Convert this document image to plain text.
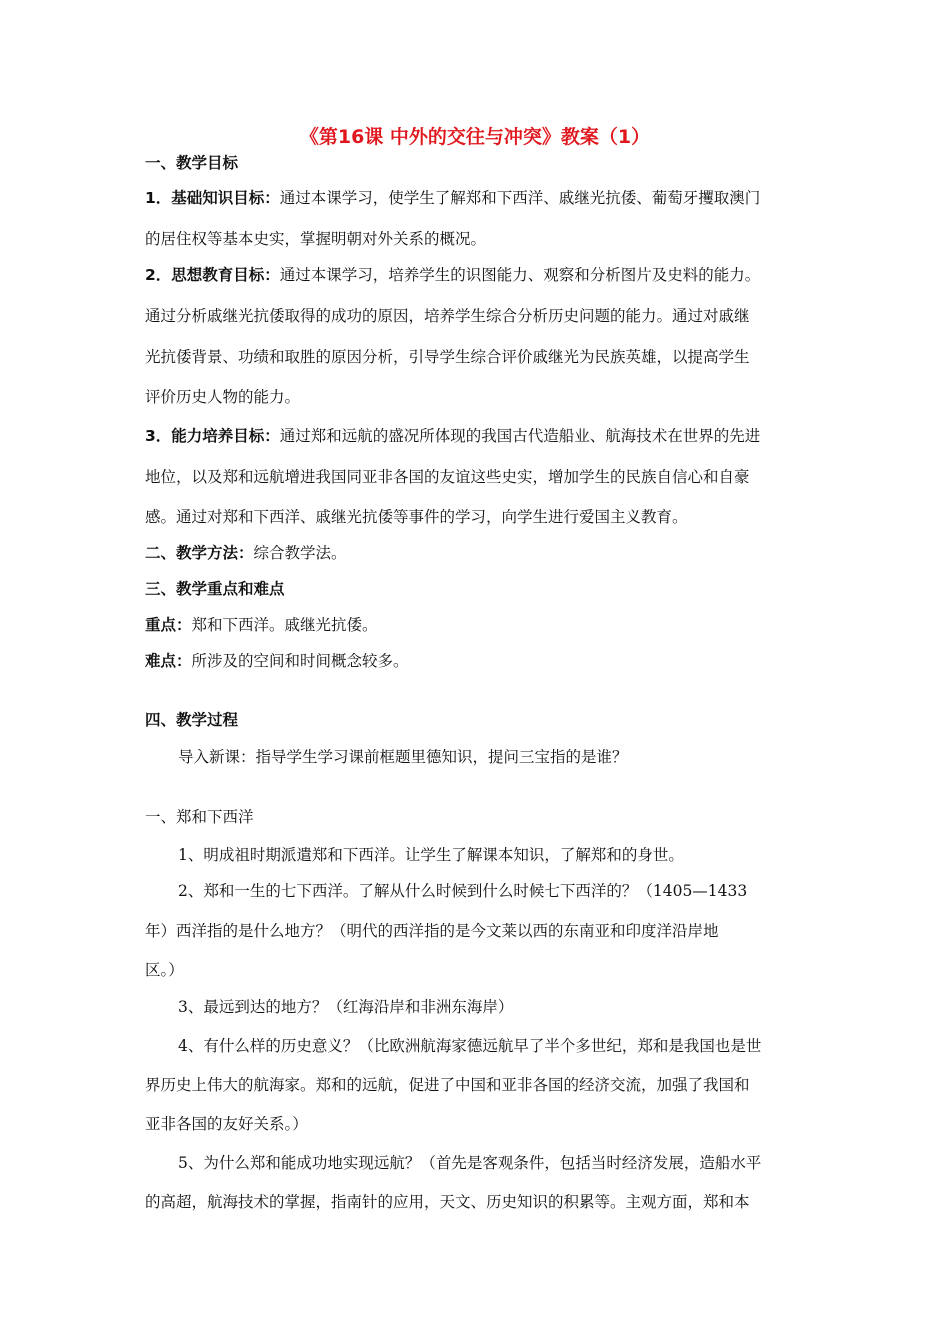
《第16课 中外的交往与冲突》教案（1）
一、教学目标
1．基础知识目标：通过本课学习，使学生了解郑和下西洋、戚继光抗倭、葡萄牙攫取澳门
的居住权等基本史实，掌握明朝对外关系的概况。
2．思想教育目标：通过本课学习，培养学生的识图能力、观察和分析图片及史料的能力。
通过分析戚继光抗倭取得的成功的原因，培养学生综合分析历史问题的能力。通过对戚继
光抗倭背景、功绩和取胜的原因分析，引导学生综合评价戚继光为民族英雄，以提高学生
评价历史人物的能力。
3．能力培养目标：通过郑和远航的盛况所体现的我国古代造船业、航海技术在世界的先进
地位，以及郑和远航增进我国同亚非各国的友谊这些史实，增加学生的民族自信心和自豪
感。通过对郑和下西洋、戚继光抗倭等事件的学习，向学生进行爱国主义教育。
二、教学方法：综合教学法。
三、教学重点和难点
重点：郑和下西洋。戚继光抗倭。
难点：所涉及的空间和时间概念较多。
四、教学过程
导入新课：指导学生学习课前框题里德知识，提问三宝指的是谁？
一、郑和下西洋
1、明成祖时期派遣郑和下西洋。让学生了解课本知识，了解郑和的身世。
2、郑和一生的七下西洋。了解从什么时候到什么时候七下西洋的？（1405—1433
年）西洋指的是什么地方？（明代的西洋指的是今文莱以西的东南亚和印度洋沿岸地
区。）
3、最远到达的地方？（红海沿岸和非洲东海岸）
4、有什么样的历史意义？（比欧洲航海家德远航早了半个多世纪，郑和是我国也是世
界历史上伟大的航海家。郑和的远航，促进了中国和亚非各国的经济交流，加强了我国和
亚非各国的友好关系。）
5、为什么郑和能成功地实现远航？（首先是客观条件，包括当时经济发展，造船水平
的高超，航海技术的掌握，指南针的应用，天文、历史知识的积累等。主观方面，郑和本
